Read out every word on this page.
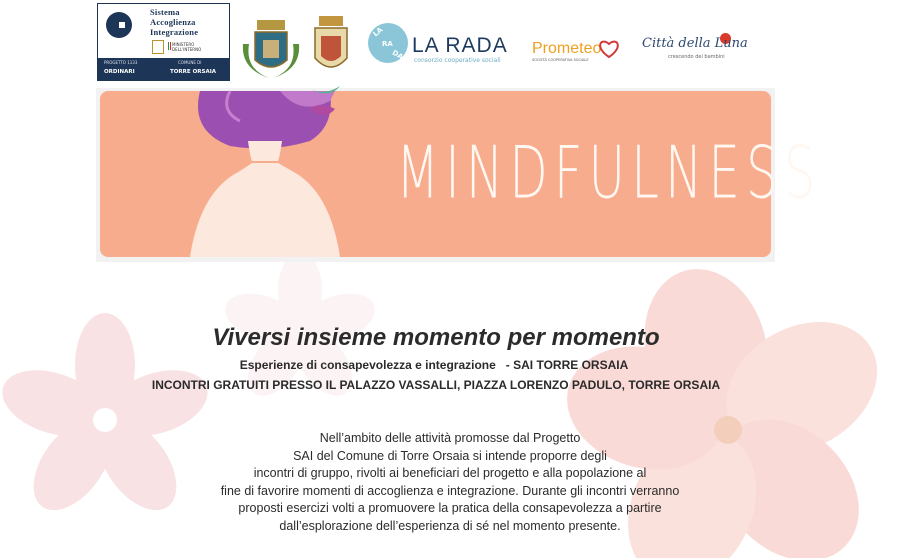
Sistema
Accoglienza
Integrazione
MINISTERO DELL'INTERNO
PROGETTO 1133	COMUNE DI
ORDINARI	TORRE ORSAIA
LA
RA
DA LA RADA
consorzio cooperative sociali
Prometeo
SOCIETÀ COOPERATIVA SOCIALE
Città della Luna
crescendo dei bambini
MINDFULNESS
Viversi insieme momento per momento
Esperienze di consapevolezza e integrazione   - SAI TORRE ORSAIA
INCONTRI GRATUITI PRESSO IL PALAZZO VASSALLI, PIAZZA LORENZO PADULO, TORRE ORSAIA
Nell’ambito delle attività promosse dal Progetto
SAI del Comune di Torre Orsaia si intende proporre degli
incontri di gruppo, rivolti ai beneficiari del progetto e alla popolazione al
fine di favorire momenti di accoglienza e integrazione. Durante gli incontri verranno
proposti esercizi volti a promuovere la pratica della consapevolezza a partire
dall’esplorazione dell’esperienza di sé nel momento presente.
